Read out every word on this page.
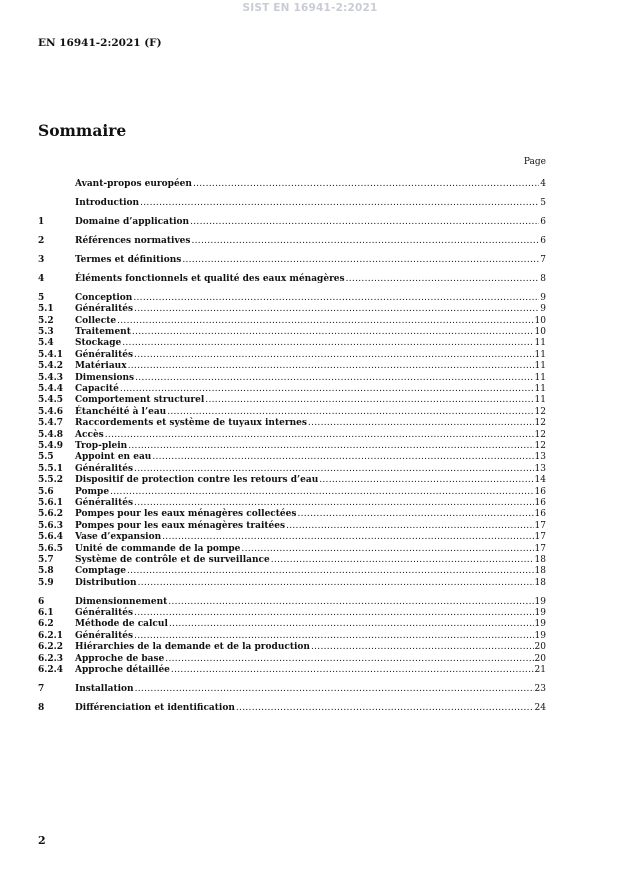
SIST EN 16941-2:2021
EN 16941-2:2021 (F)
Sommaire
Page
Avant-propos européen .....	4
Introduction .....	5
1	Domaine d’application .....	6
2	Références normatives .....	6
3	Termes et définitions .....	7
4	Éléments fonctionnels et qualité des eaux ménagères .....	8
5	Conception .....	9
5.1	Généralités .....	9
5.2	Collecte .....	10
5.3	Traitement .....	10
5.4	Stockage .....	11
5.4.1	Généralités .....	11
5.4.2	Matériaux .....	11
5.4.3	Dimensions .....	11
5.4.4	Capacité .....	11
5.4.5	Comportement structurel .....	11
5.4.6	Étanchéité à l’eau .....	12
5.4.7	Raccordements et système de tuyaux internes .....	12
5.4.8	Accès .....	12
5.4.9	Trop-plein .....	12
5.5	Appoint en eau .....	13
5.5.1	Généralités .....	13
5.5.2	Dispositif de protection contre les retours d’eau .....	14
5.6	Pompe .....	16
5.6.1	Généralités .....	16
5.6.2	Pompes pour les eaux ménagères collectées .....	16
5.6.3	Pompes pour les eaux ménagères traitées .....	17
5.6.4	Vase d’expansion .....	17
5.6.5	Unité de commande de la pompe .....	17
5.7	Système de contrôle et de surveillance .....	18
5.8	Comptage .....	18
5.9	Distribution .....	18
6	Dimensionnement .....	19
6.1	Généralités .....	19
6.2	Méthode de calcul .....	19
6.2.1	Généralités .....	19
6.2.2	Hiérarchies de la demande et de la production .....	20
6.2.3	Approche de base .....	20
6.2.4	Approche détaillée .....	21
7	Installation .....	23
8	Différenciation et identification .....	24
2
